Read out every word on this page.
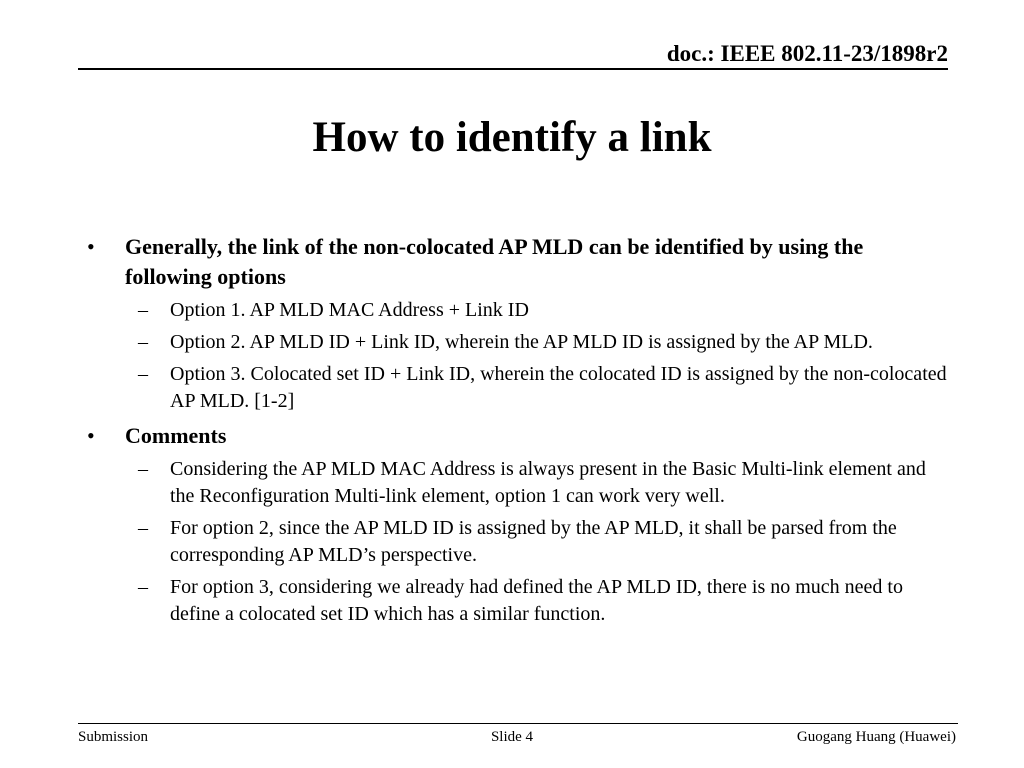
doc.: IEEE 802.11-23/1898r2
How to identify a link
• Generally, the link of the non-colocated AP MLD can be identified by using the following options
– Option 1. AP MLD MAC Address + Link ID
– Option 2. AP MLD ID + Link ID, wherein the AP MLD ID is assigned by the AP MLD.
– Option 3. Colocated set ID + Link ID, wherein the colocated ID is assigned by the non-colocated AP MLD. [1-2]
• Comments
– Considering the AP MLD MAC Address is always present in the Basic Multi-link element and the Reconfiguration Multi-link element, option 1 can work very well.
– For option 2, since the AP MLD ID is assigned by the AP MLD, it shall be parsed from the corresponding AP MLD’s perspective.
– For option 3, considering we already had defined the AP MLD ID, there is no much need to define a colocated set ID which has a similar function.
Submission	Slide 4	Guogang Huang (Huawei)
